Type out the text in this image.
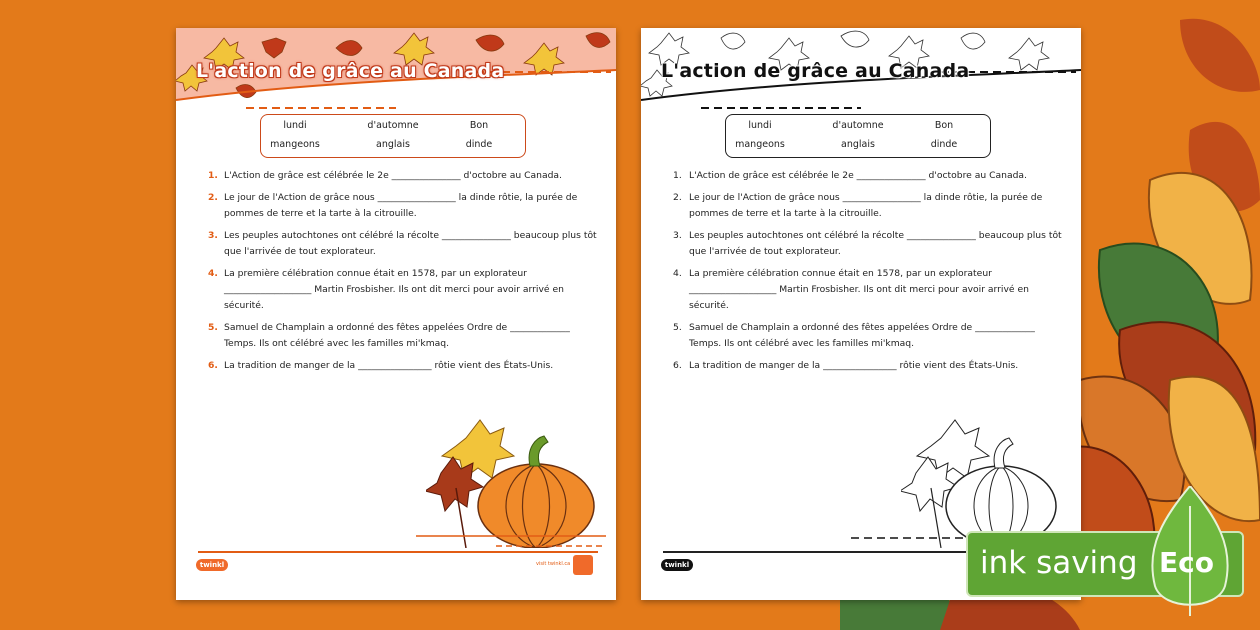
L'action de grâce au Canada
lundi	d'automne	Bon
mangeons	anglais	dinde
1. L'Action de grâce est célébrée le 2e _______________ d'octobre au Canada.
2. Le jour de l'Action de grâce nous _________________ la dinde rôtie, la purée de pommes de terre et la tarte à la citrouille.
3. Les peuples autochtones ont célébré la récolte _______________ beaucoup plus tôt que l'arrivée de tout explorateur.
4. La première célébration connue était en 1578, par un explorateur ___________________ Martin Frosbisher. Ils ont dit merci pour avoir arrivé en sécurité.
5. Samuel de Champlain a ordonné des fêtes appelées Ordre de _____________ Temps. Ils ont célébré avec les familles mi'kmaq.
6. La tradition de manger de la ________________ rôtie vient des États-Unis.
twinkl	visit twinkl.ca
L'action de grâce au Canada
lundi	d'automne	Bon
mangeons	anglais	dinde
1. L'Action de grâce est célébrée le 2e _______________ d'octobre au Canada.
2. Le jour de l'Action de grâce nous _________________ la dinde rôtie, la purée de pommes de terre et la tarte à la citrouille.
3. Les peuples autochtones ont célébré la récolte _______________ beaucoup plus tôt que l'arrivée de tout explorateur.
4. La première célébration connue était en 1578, par un explorateur ___________________ Martin Frosbisher. Ils ont dit merci pour avoir arrivé en sécurité.
5. Samuel de Champlain a ordonné des fêtes appelées Ordre de _____________ Temps. Ils ont célébré avec les familles mi'kmaq.
6. La tradition de manger de la ________________ rôtie vient des États-Unis.
twinkl	ink saving Eco
